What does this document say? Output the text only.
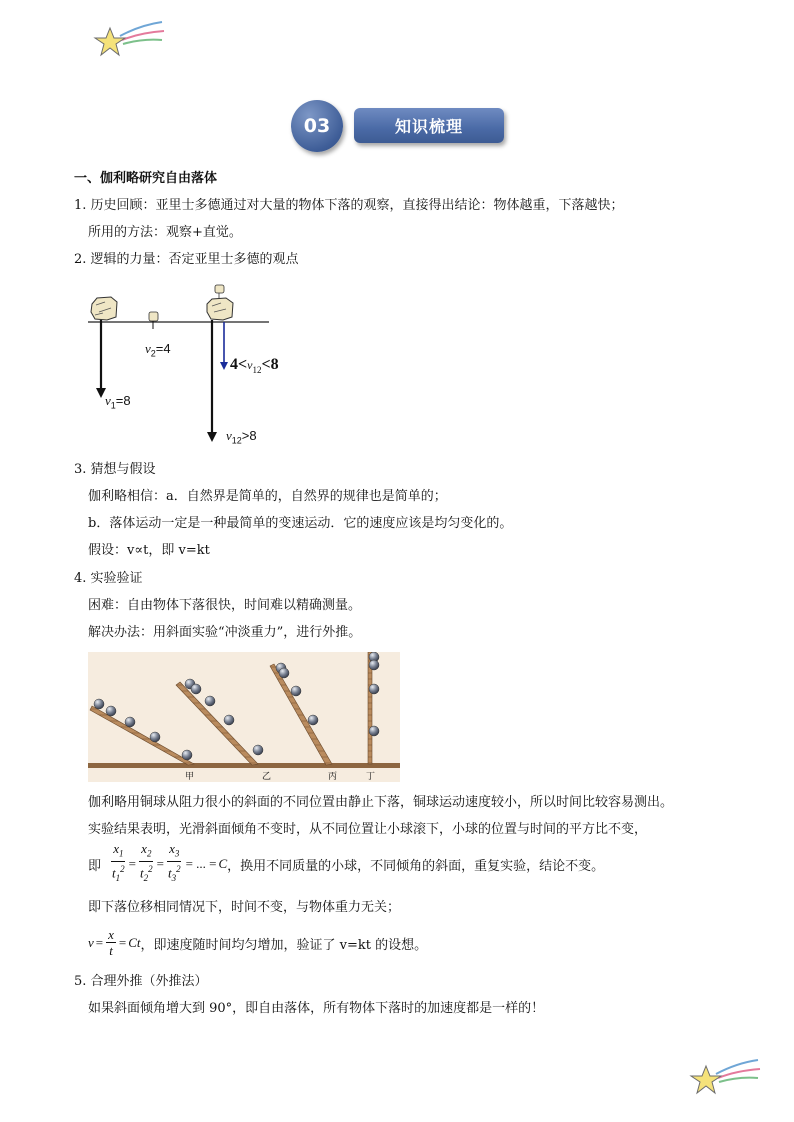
03	知识梳理
一、伽利略研究自由落体
1. 历史回顾：亚里士多德通过对大量的物体下落的观察，直接得出结论：物体越重，下落越快；
所用的方法：观察+直觉。
2. 逻辑的力量：否定亚里士多德的观点
$v_2=4$
$v_1=8$
$4<v_{12}<8$
$v_{12}>8$
3. 猜想与假设
伽利略相信：a．自然界是简单的，自然界的规律也是简单的；
b．落体运动一定是一种最简单的变速运动．它的速度应该是均匀变化的。
假设：v∝t，即 v=kt
4. 实验验证
困难：自由物体下落很快，时间难以精确测量。
解决办法：用斜面实验“冲淡重力”，进行外推。
甲	乙	丙	丁
伽利略用铜球从阻力很小的斜面的不同位置由静止下落，铜球运动速度较小，所以时间比较容易测出。
实验结果表明，光滑斜面倾角不变时，从不同位置让小球滚下，小球的位置与时间的平方比不变，
即 $\frac{x_1}{t_1^2} = \frac{x_2}{t_2^2} = \frac{x_3}{t_3^2}$ = ... = C ，换用不同质量的小球，不同倾角的斜面，重复实验，结论不变。
即下落位移相同情况下，时间不变，与物体重力无关；
$v = \frac{x}{t} = Ct$ ，即速度随时间均匀增加，验证了 v=kt 的设想。
5. 合理外推（外推法）
如果斜面倾角增大到 90°，即自由落体，所有物体下落时的加速度都是一样的！
